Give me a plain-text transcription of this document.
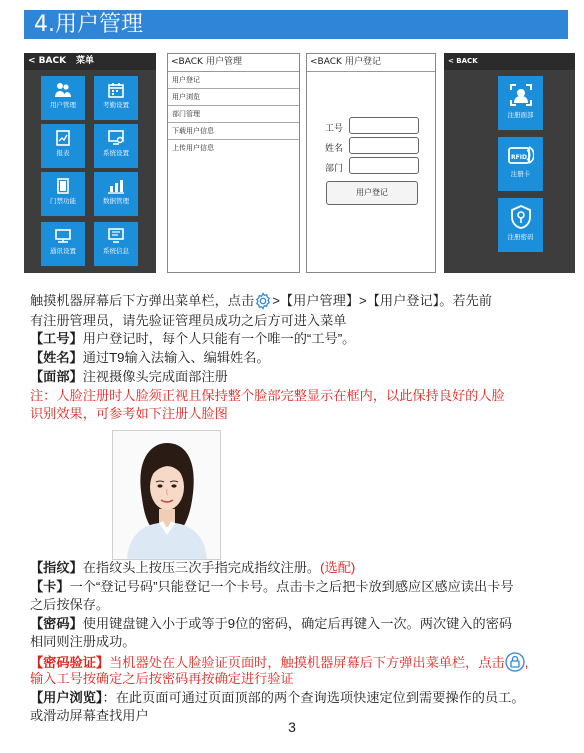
4.用户管理
< BACK 菜单
用户管理	考勤设置
报表	系统设置
门禁功能	数据管理
通讯设置	系统信息
<BACK 用户管理
用户登记
用户浏览
部门管理
下载用户信息
上传用户信息
<BACK 用户登记
工号
姓名
部门
用户登记
< BACK
注册面部
RFID
注册卡
注册密码
触摸机器屏幕后下方弹出菜单栏，点击 >【用户管理】>【用户登记】。若先前
有注册管理员，请先验证管理员成功之后方可进入菜单
【工号】用户登记时，每个人只能有一个唯一的“工号”。
【姓名】通过T9输入法输入、编辑姓名。
【面部】注视摄像头完成面部注册
注：人脸注册时人脸须正视且保持整个脸部完整显示在框内，以此保持良好的人脸
识别效果，可参考如下注册人脸图
【指纹】在指纹头上按压三次手指完成指纹注册。(选配)
【卡】一个“登记号码”只能登记一个卡号。点击卡之后把卡放到感应区感应读出卡号
之后按保存。
【密码】使用键盘键入小于或等于9位的密码，确定后再键入一次。两次键入的密码
相同则注册成功。
【密码验证】当机器处在人脸验证页面时，触摸机器屏幕后下方弹出菜单栏，点击 ,
输入工号按确定之后按密码再按确定进行验证
【用户浏览】：在此页面可通过页面顶部的两个查询选项快速定位到需要操作的员工。
或滑动屏幕查找用户
3
